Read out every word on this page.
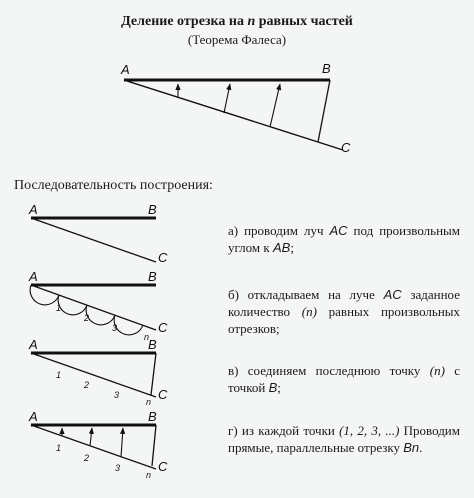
Деление отрезка на n равных частей
(Теорема Фалеса)
A	B
C
A	B
C
A	B
C
1
2
3
n
A	B
C
1
2
3
n
A	B
C
1
2
3
n
Последовательность построения:
а) проводим луч AC под произвольным углом к AB;
б) откладываем на луче AC заданное количество (n) равных произвольных отрезков;
в) соединяем последнюю точку (n) с точкой B;
г) из каждой точки (1, 2, 3, ...) Проводим прямые, параллельные отрезку Bn.
